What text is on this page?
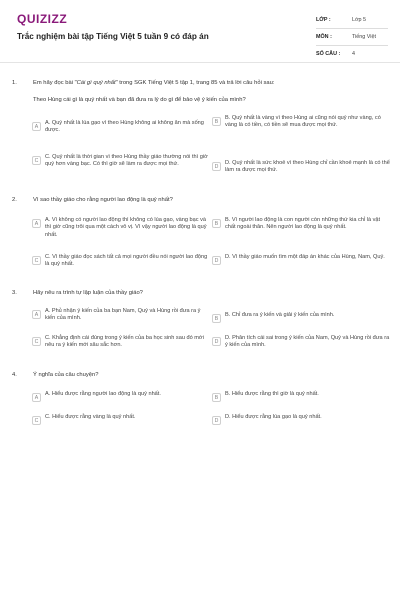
QUIZIZZ
Trắc nghiệm bài tập Tiếng Việt 5 tuần 9 có đáp án
LỚP :	Lớp 5
MÔN :	Tiếng Việt
SỐ CÂU :	4
1.	Em hãy đọc bài "Cái gì quý nhất" trong SGK Tiếng Việt 5 tập 1, trang 85 và trả lời câu hỏi sau:
Theo Hùng cái gì là quý nhất và bạn đã đưa ra lý do gì để bảo vệ ý kiến của mình?
A
A. Quý nhất là lúa gạo vì theo Hùng không ai không ăn mà sống được.
B
B. Quý nhất là vàng vì theo Hùng ai cũng nói quý như vàng, có vàng là có tiền, có tiền sẽ mua được mọi thứ.
C
C. Quý nhất là thời gian vì theo Hùng thầy giáo thường nói thì giờ quý hơn vàng bạc. Có thì giờ sẽ làm ra được mọi thứ.	D
D. Quý nhất là sức khoẻ vì theo Hùng chỉ cần khoẻ mạnh là có thể làm ra được mọi thứ.
2.	Vì sao thầy giáo cho rằng người lao động là quý nhất?
A
A. Vì không có người lao động thì không có lúa gạo, vàng bạc và thì giờ cũng trôi qua một cách vô vị. Vì vậy người lao động là quý nhất.
B
B. Vì người lao động là con người còn những thứ kia chỉ là vật chất ngoài thân. Nên người lao động là quý nhất.
C
C. Vì thầy giáo đọc sách tất cả mọi người đều nói người lao động là quý nhất.
D
D. Vì thầy giáo muốn tìm một đáp án khác của Hùng, Nam, Quý.
3.	Hãy nêu ra trình tự lập luận của thầy giáo?
A
A. Phủ nhận ý kiến của ba bạn Nam, Quý và Hùng rồi đưa ra ý kiến của mình.	B
B. Chỉ đưa ra ý kiến và giải ý kiến của mình.
C
C. Khẳng định cái đúng trong ý kiến của ba học sinh sau đó mới nêu ra ý kiến mới sâu sắc hơn.
D
D. Phân tích cái sai trong ý kiến của Nam, Quý và Hùng rồi đưa ra ý kiến của mình.
4.	Ý nghĩa của câu chuyện?
A
A. Hiểu được rằng người lao động là quý nhất.
B
B. Hiểu được rằng thì giờ là quý nhất.
C
C. Hiểu được rằng vàng là quý nhất.
D
D. Hiểu được rằng lúa gạo là quý nhất.
